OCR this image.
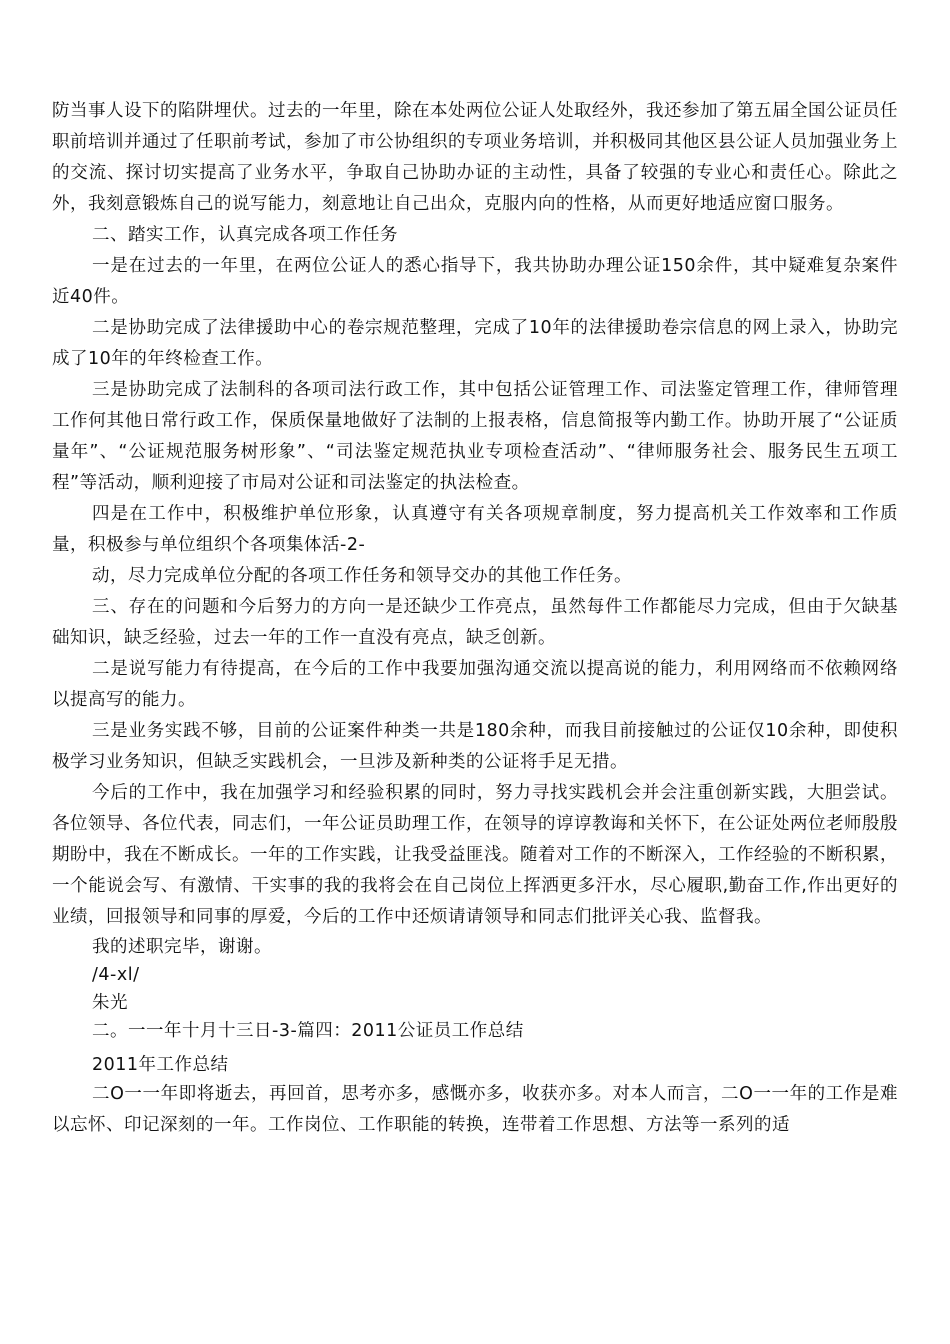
防当事人设下的陷阱埋伏。过去的一年里，除在本处两位公证人处取经外，我还参加了第五届全国公证员任职前培训并通过了任职前考试，参加了市公协组织的专项业务培训，并积极同其他区县公证人员加强业务上的交流、探讨切实提高了业务水平，争取自己协助办证的主动性，具备了较强的专业心和责任心。除此之外，我刻意锻炼自己的说写能力，刻意地让自己出众，克服内向的性格，从而更好地适应窗口服务。

二、踏实工作，认真完成各项工作任务

一是在过去的一年里，在两位公证人的悉心指导下，我共协助办理公证150余件，其中疑难复杂案件近40件。

二是协助完成了法律援助中心的卷宗规范整理，完成了10年的法律援助卷宗信息的网上录入，协助完成了10年的年终检查工作。

三是协助完成了法制科的各项司法行政工作，其中包括公证管理工作、司法鉴定管理工作，律师管理工作何其他日常行政工作，保质保量地做好了法制的上报表格，信息简报等内勤工作。协助开展了“公证质量年”、“公证规范服务树形象”、“司法鉴定规范执业专项检查活动”、“律师服务社会、服务民生五项工程”等活动，顺利迎接了市局对公证和司法鉴定的执法检查。

四是在工作中，积极维护单位形象，认真遵守有关各项规章制度，努力提高机关工作效率和工作质量，积极参与单位组织个各项集体活-2-

动，尽力完成单位分配的各项工作任务和领导交办的其他工作任务。

三、存在的问题和今后努力的方向一是还缺少工作亮点，虽然每件工作都能尽力完成，但由于欠缺基础知识，缺乏经验，过去一年的工作一直没有亮点，缺乏创新。

二是说写能力有待提高，在今后的工作中我要加强沟通交流以提高说的能力，利用网络而不依赖网络以提高写的能力。

三是业务实践不够，目前的公证案件种类一共是180余种，而我目前接触过的公证仅10余种，即使积极学习业务知识，但缺乏实践机会，一旦涉及新种类的公证将手足无措。

今后的工作中，我在加强学习和经验积累的同时，努力寻找实践机会并会注重创新实践，大胆尝试。各位领导、各位代表，同志们，一年公证员助理工作，在领导的谆谆教诲和关怀下，在公证处两位老师殷殷期盼中，我在不断成长。一年的工作实践，让我受益匪浅。随着对工作的不断深入，工作经验的不断积累，一个能说会写、有激情、干实事的我的我将会在自己岗位上挥洒更多汗水，尽心履职,勤奋工作,作出更好的业绩，回报领导和同事的厚爱，今后的工作中还烦请请领导和同志们批评关心我、监督我。

我的述职完毕，谢谢。

/4-xl/

朱光

二。一一年十月十三日-3-篇四：2011公证员工作总结

2011年工作总结

二O一一年即将逝去，再回首，思考亦多，感慨亦多，收获亦多。对本人而言，二O一一年的工作是难以忘怀、印记深刻的一年。工作岗位、工作职能的转换，连带着工作思想、方法等一系列的适
